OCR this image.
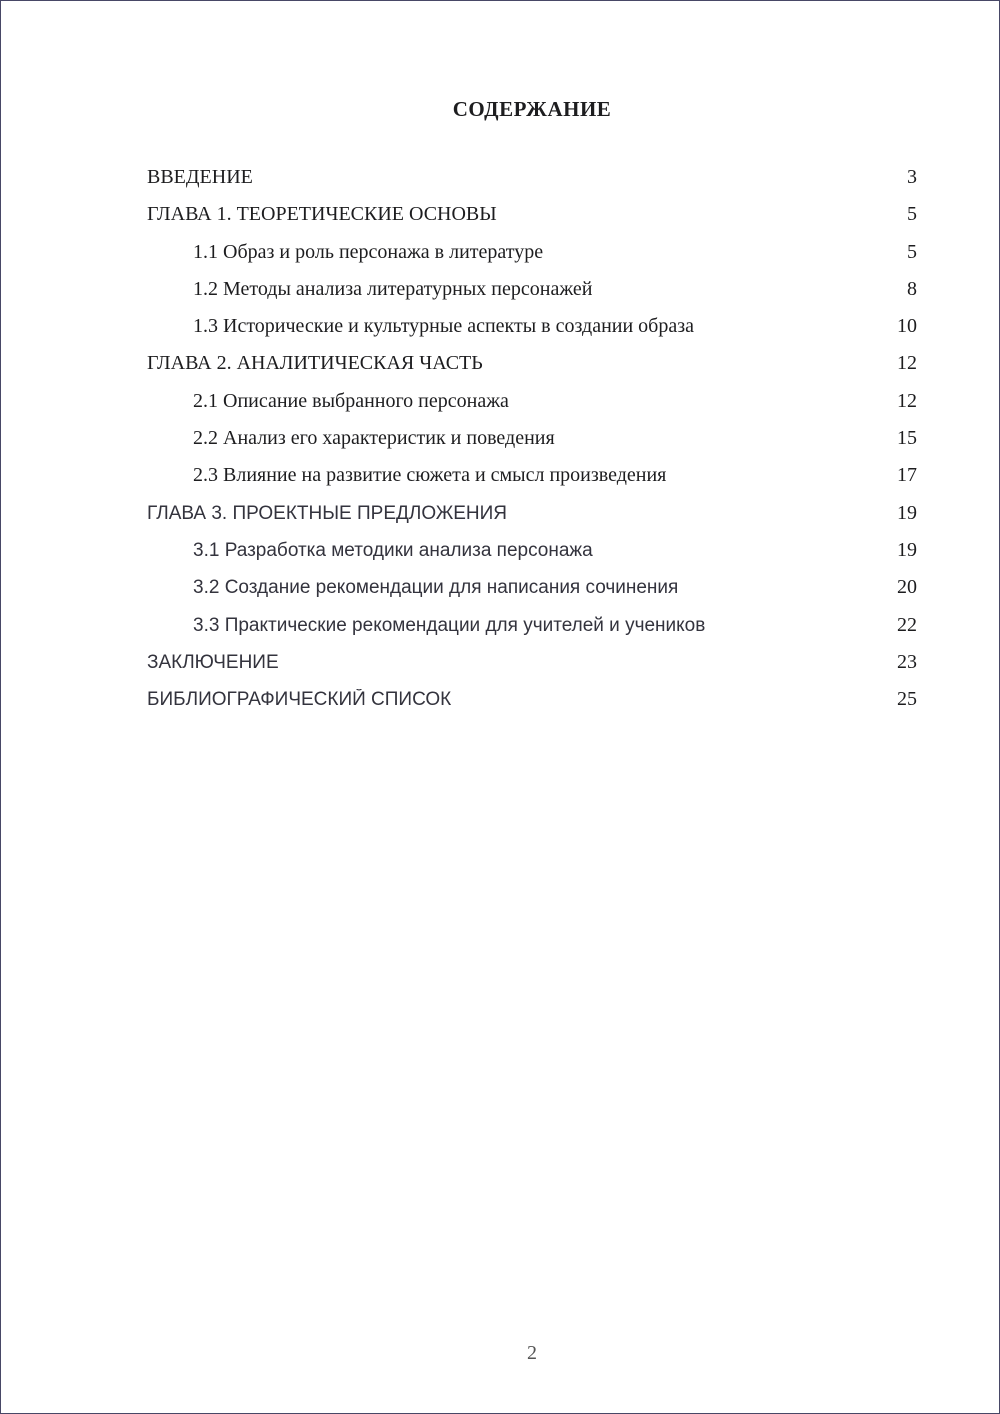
СОДЕРЖАНИЕ
ВВЕДЕНИЕ	3
ГЛАВА 1. ТЕОРЕТИЧЕСКИЕ ОСНОВЫ	5
1.1 Образ и роль персонажа в литературе	5
1.2 Методы анализа литературных персонажей	8
1.3 Исторические и культурные аспекты в создании образа	10
ГЛАВА 2. АНАЛИТИЧЕСКАЯ ЧАСТЬ	12
2.1 Описание выбранного персонажа	12
2.2 Анализ его характеристик и поведения	15
2.3 Влияние на развитие сюжета и смысл произведения	17
ГЛАВА 3. ПРОЕКТНЫЕ ПРЕДЛОЖЕНИЯ	19
3.1 Разработка методики анализа персонажа	19
3.2 Создание рекомендации для написания сочинения	20
3.3 Практические рекомендации для учителей и учеников	22
ЗАКЛЮЧЕНИЕ	23
БИБЛИОГРАФИЧЕСКИЙ СПИСОК	25
2
